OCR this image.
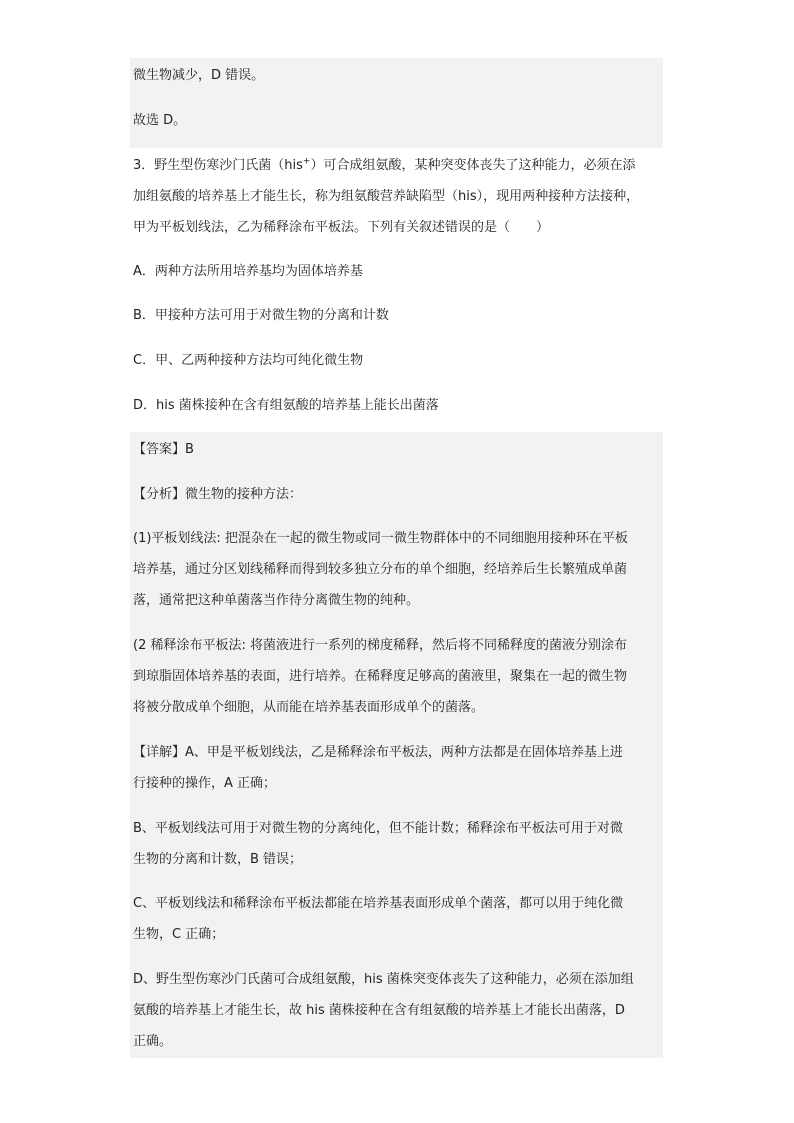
微生物减少，D 错误。
故选 D。
3．野生型伤寒沙门氏菌（his+）可合成组氨酸，某种突变体丧失了这种能力，必须在添
加组氨酸的培养基上才能生长，称为组氨酸营养缺陷型（his），现用两种接种方法接种，
甲为平板划线法，乙为稀释涂布平板法。下列有关叙述错误的是（　　）
A．两种方法所用培养基均为固体培养基
B．甲接种方法可用于对微生物的分离和计数
C．甲、乙两种接种方法均可纯化微生物
D．his 菌株接种在含有组氨酸的培养基上能长出菌落
【答案】B
【分析】微生物的接种方法：
(1)平板划线法: 把混杂在一起的微生物或同一微生物群体中的不同细胞用接种环在平板
培养基，通过分区划线稀释而得到较多独立分布的单个细胞，经培养后生长繁殖成单菌
落，通常把这种单菌落当作待分离微生物的纯种。
(2 稀释涂布平板法: 将菌液进行一系列的梯度稀释，然后将不同稀释度的菌液分别涂布
到琼脂固体培养基的表面，进行培养。在稀释度足够高的菌液里，聚集在一起的微生物
将被分散成单个细胞，从而能在培养基表面形成单个的菌落。
【详解】A、甲是平板划线法，乙是稀释涂布平板法，两种方法都是在固体培养基上进
行接种的操作，A 正确；
B、平板划线法可用于对微生物的分离纯化，但不能计数；稀释涂布平板法可用于对微
生物的分离和计数，B 错误；
C、平板划线法和稀释涂布平板法都能在培养基表面形成单个菌落，都可以用于纯化微
生物，C 正确；
D、野生型伤寒沙门氏菌可合成组氨酸，his 菌株突变体丧失了这种能力，必须在添加组
氨酸的培养基上才能生长，故 his 菌株接种在含有组氨酸的培养基上才能长出菌落，D
正确。
